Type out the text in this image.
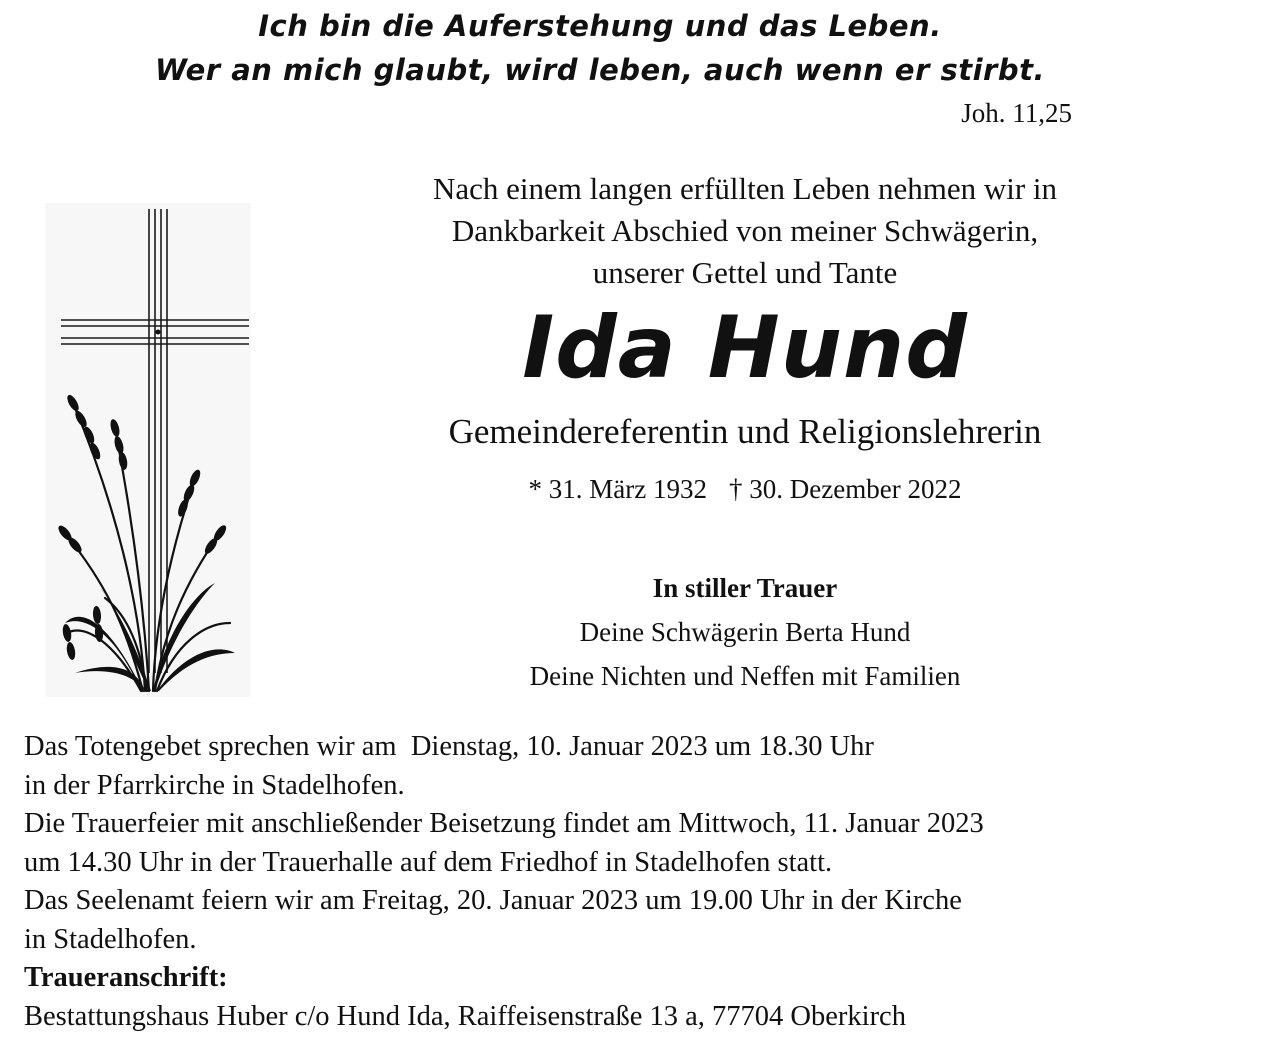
Ich bin die Auferstehung und das Leben.
Wer an mich glaubt, wird leben, auch wenn er stirbt.
Joh. 11,25
Nach einem langen erfüllten Leben nehmen wir in
Dankbarkeit Abschied von meiner Schwägerin,
unserer Gettel und Tante
Ida Hund
Gemeindereferentin und Religionslehrerin
* 31. März 1932 † 30. Dezember 2022
In stiller Trauer
Deine Schwägerin Berta Hund
Deine Nichten und Neffen mit Familien
Das Totengebet sprechen wir am  Dienstag, 10. Januar 2023 um 18.30 Uhr
in der Pfarrkirche in Stadelhofen.
Die Trauerfeier mit anschließender Beisetzung findet am Mittwoch, 11. Januar 2023
um 14.30 Uhr in der Trauerhalle auf dem Friedhof in Stadelhofen statt.
Das Seelenamt feiern wir am Freitag, 20. Januar 2023 um 19.00 Uhr in der Kirche
in Stadelhofen.
Traueranschrift:
Bestattungshaus Huber c/o Hund Ida, Raiffeisenstraße 13 a, 77704 Oberkirch
